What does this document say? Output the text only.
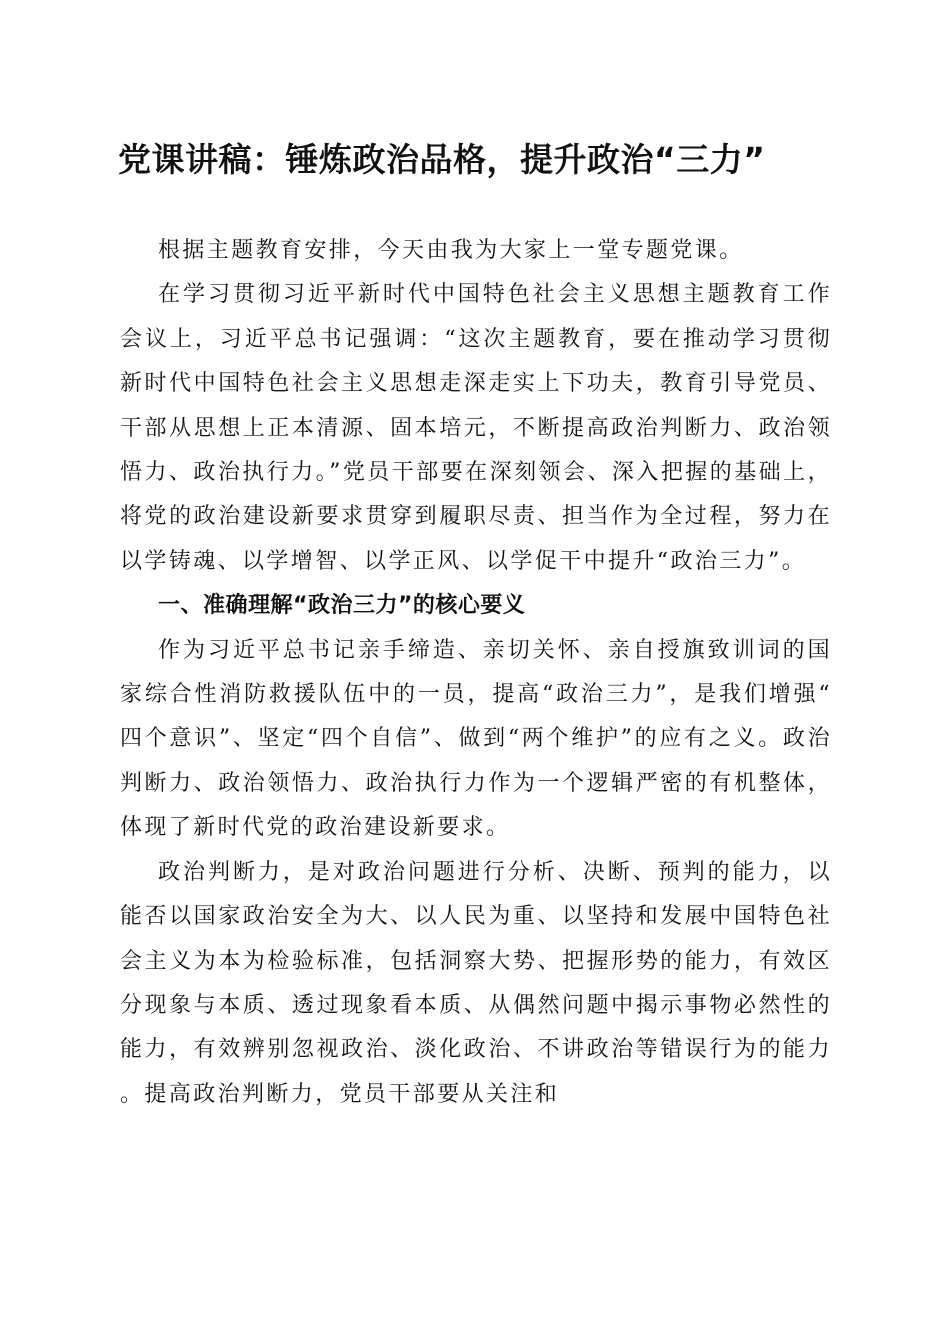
党课讲稿：锤炼政治品格，提升政治“三力”

根据主题教育安排，今天由我为大家上一堂专题党课。

在学习贯彻习近平新时代中国特色社会主义思想主题教育工作会议上，习近平总书记强调：“这次主题教育，要在推动学习贯彻新时代中国特色社会主义思想走深走实上下功夫，教育引导党员、干部从思想上正本清源、固本培元，不断提高政治判断力、政治领悟力、政治执行力。”党员干部要在深刻领会、深入把握的基础上，将党的政治建设新要求贯穿到履职尽责、担当作为全过程，努力在以学铸魂、以学增智、以学正风、以学促干中提升“政治三力”。

一、准确理解“政治三力”的核心要义

作为习近平总书记亲手缔造、亲切关怀、亲自授旗致训词的国家综合性消防救援队伍中的一员，提高“政治三力”，是我们增强“四个意识”、坚定“四个自信”、做到“两个维护”的应有之义。政治判断力、政治领悟力、政治执行力作为一个逻辑严密的有机整体，体现了新时代党的政治建设新要求。

政治判断力，是对政治问题进行分析、决断、预判的能力，以能否以国家政治安全为大、以人民为重、以坚持和发展中国特色社会主义为本为检验标准，包括洞察大势、把握形势的能力，有效区分现象与本质、透过现象看本质、从偶然问题中揭示事物必然性的能力，有效辨别忽视政治、淡化政治、不讲政治等错误行为的能力。提高政治判断力，党员干部要从关注和
